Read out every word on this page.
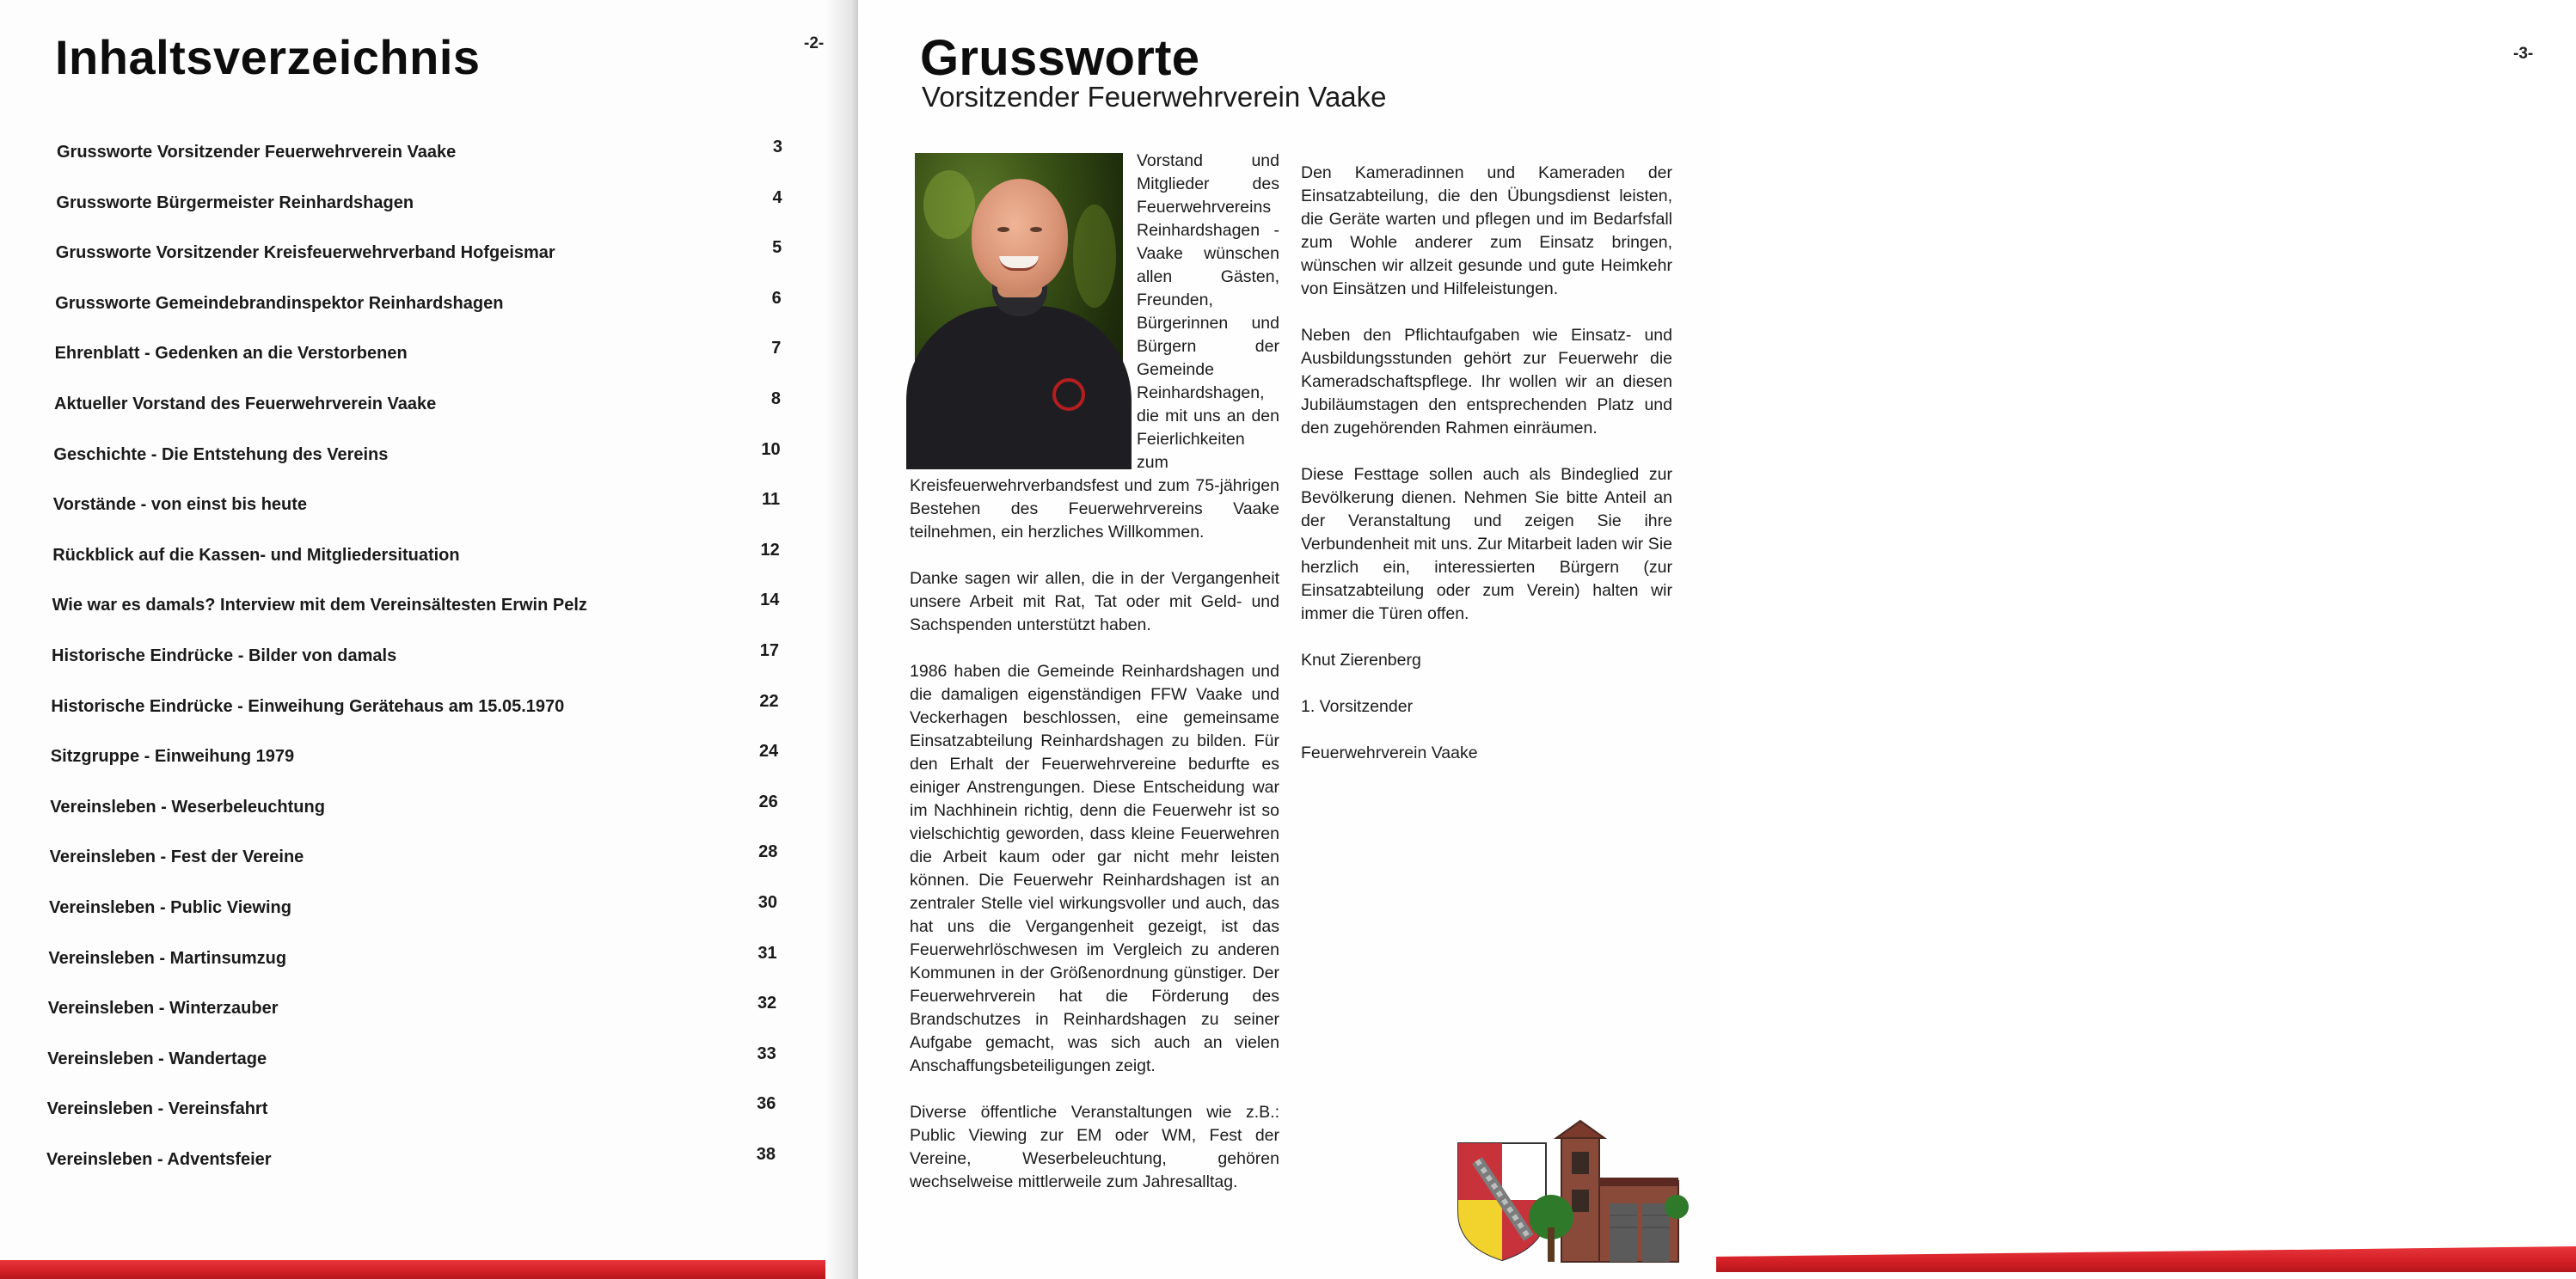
Inhaltsverzeichnis	-2-
Grussworte Vorsitzender Feuerwehrverein Vaake	3
Grussworte Bürgermeister Reinhardshagen	4
Grussworte Vorsitzender Kreisfeuerwehrverband Hofgeismar	5
Grussworte Gemeindebrandinspektor Reinhardshagen	6
Ehrenblatt - Gedenken an die Verstorbenen	7
Aktueller Vorstand des Feuerwehrverein Vaake	8
Geschichte - Die Entstehung des Vereins	10
Vorstände - von einst bis heute	11
Rückblick auf die Kassen- und Mitgliedersituation	12
Wie war es damals? Interview mit dem Vereinsältesten Erwin Pelz	14
Historische Eindrücke - Bilder von damals	17
Historische Eindrücke - Einweihung Gerätehaus am 15.05.1970	22
Sitzgruppe - Einweihung 1979	24
Vereinsleben - Weserbeleuchtung	26
Vereinsleben - Fest der Vereine	28
Vereinsleben - Public Viewing	30
Vereinsleben - Martinsumzug	31
Vereinsleben - Winterzauber	32
Vereinsleben - Wandertage	33
Vereinsleben - Vereinsfahrt	36
Vereinsleben - Adventsfeier	38
Grussworte
Vorsitzender Feuerwehrverein Vaake
-3-

Vorstand und Mitglieder des Feuerwehrvereins Reinhardshagen - Vaake wünschen allen Gästen, Freunden, Bürgerinnen und Bürgern der Gemeinde Reinhardshagen, die mit uns an den Feierlichkeiten zum Kreisfeuerwehrverbandsfest und zum 75-jährigen Bestehen des Feuerwehrvereins Vaake teilnehmen, ein herzliches Willkommen.

Danke sagen wir allen, die in der Vergangenheit unsere Arbeit mit Rat, Tat oder mit Geld- und Sachspenden unterstützt haben.

1986 haben die Gemeinde Reinhardshagen und die damaligen eigenständigen FFW Vaake und Veckerhagen beschlossen, eine gemeinsame Einsatzabteilung Reinhardshagen zu bilden. Für den Erhalt der Feuerwehrvereine bedurfte es einiger Anstrengungen. Diese Entscheidung war im Nachhinein richtig, denn die Feuerwehr ist so vielschichtig geworden, dass kleine Feuerwehren die Arbeit kaum oder gar nicht mehr leisten können. Die Feuerwehr Reinhardshagen ist an zentraler Stelle viel wirkungsvoller und auch, das hat uns die Vergangenheit gezeigt, ist das Feuerwehrlöschwesen im Vergleich zu anderen Kommunen in der Größenordnung günstiger. Der Feuerwehrverein hat die Förderung des Brandschutzes in Reinhardshagen zu seiner Aufgabe gemacht, was sich auch an vielen Anschaffungsbeteiligungen zeigt.

Diverse öffentliche Veranstaltungen wie z.B.: Public Viewing zur EM oder WM, Fest der Vereine, Weserbeleuchtung, gehören wechselweise mittlerweile zum Jahresalltag.

Den Kameradinnen und Kameraden der Einsatzabteilung, die den Übungsdienst leisten, die Geräte warten und pflegen und im Bedarfsfall zum Wohle anderer zum Einsatz bringen, wünschen wir allzeit gesunde und gute Heimkehr von Einsätzen und Hilfeleistungen.

Neben den Pflichtaufgaben wie Einsatz- und Ausbildungsstunden gehört zur Feuerwehr die Kameradschaftspflege. Ihr wollen wir an diesen Jubiläumstagen den entsprechenden Platz und den zugehörenden Rahmen einräumen.

Diese Festtage sollen auch als Bindeglied zur Bevölkerung dienen. Nehmen Sie bitte Anteil an der Veranstaltung und zeigen Sie ihre Verbundenheit mit uns. Zur Mitarbeit laden wir Sie herzlich ein, interessierten Bürgern (zur Einsatzabteilung oder zum Verein) halten wir immer die Türen offen.

Knut Zierenberg

1. Vorsitzender

Feuerwehrverein Vaake
